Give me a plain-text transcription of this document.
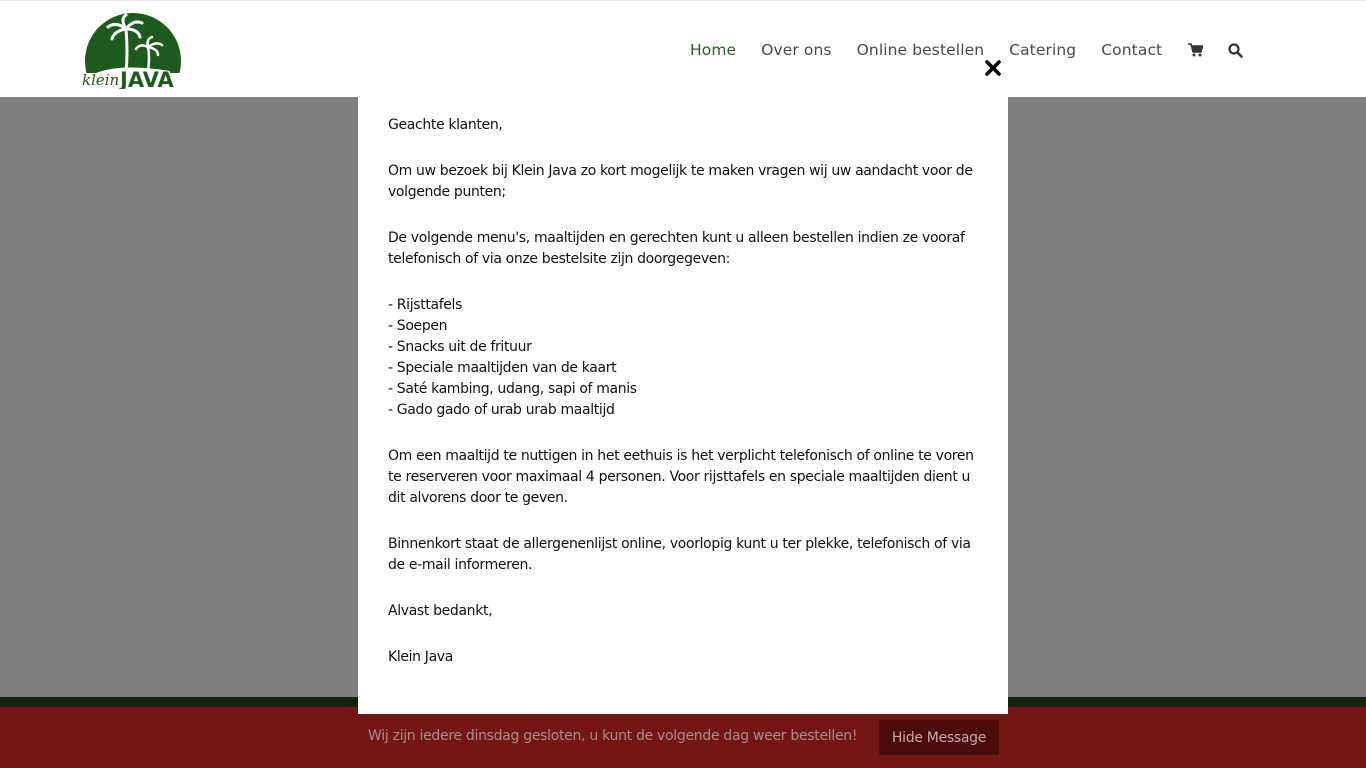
klein JAVA
Home Over ons Online bestellen Catering Contact

Geachte klanten,

Om uw bezoek bij Klein Java zo kort mogelijk te maken vragen wij uw aandacht voor de volgende punten;

De volgende menu's, maaltijden en gerechten kunt u alleen bestellen indien ze vooraf telefonisch of via onze bestelsite zijn doorgegeven:

- Rijsttafels
- Soepen
- Snacks uit de frituur
- Speciale maaltijden van de kaart
- Saté kambing, udang, sapi of manis
- Gado gado of urab urab maaltijd

Om een maaltijd te nuttigen in het eethuis is het verplicht telefonisch of online te voren te reserveren voor maximaal 4 personen. Voor rijsttafels en speciale maaltijden dient u dit alvorens door te geven.

Binnenkort staat de allergenenlijst online, voorlopig kunt u ter plekke, telefonisch of via de e-mail informeren.

Alvast bedankt,

Klein Java

Wij zijn iedere dinsdag gesloten, u kunt de volgende dag weer bestellen!	Hide Message
